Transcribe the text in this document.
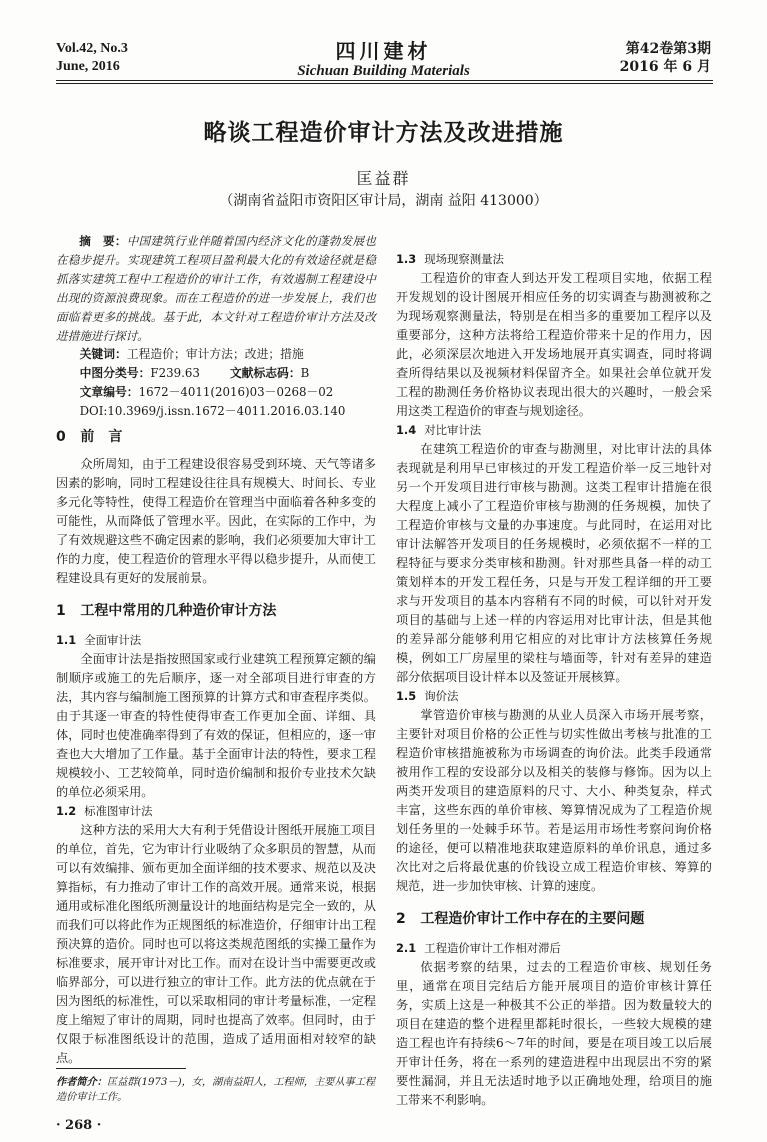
Vol.42, No.3
June, 2016
四川建材
Sichuan Building Materials
第42卷第3期
2016 年 6 月
略谈工程造价审计方法及改进措施
匡益群
（湖南省益阳市资阳区审计局，湖南 益阳 413000）

摘　要：中国建筑行业伴随着国内经济文化的蓬勃发展也在稳步提升。实现建筑工程项目盈利最大化的有效途径就是稳抓落实建筑工程中工程造价的审计工作，有效遏制工程建设中出现的资源浪费现象。而在工程造价的进一步发展上，我们也面临着更多的挑战。基于此，本文针对工程造价审计方法及改进措施进行探讨。

关键词：工程造价；审计方法；改进；措施
中图分类号：F239.63	文献标志码：B
文章编号：1672－4011(2016)03－0268－02
DOI:10.3969/j.issn.1672－4011.2016.03.140
0 前　言

众所周知，由于工程建设很容易受到环境、天气等诸多因素的影响，同时工程建设往往具有规模大、时间长、专业多元化等特性，使得工程造价在管理当中面临着各种多变的可能性，从而降低了管理水平。因此，在实际的工作中，为了有效规避这些不确定因素的影响，我们必须要加大审计工作的力度，使工程造价的管理水平得以稳步提升，从而使工程建设具有更好的发展前景。

1 工程中常用的几种造价审计方法
1.1 全面审计法

全面审计法是指按照国家或行业建筑工程预算定额的编制顺序或施工的先后顺序，逐一对全部项目进行审查的方法，其内容与编制施工图预算的计算方式和审查程序类似。由于其逐一审查的特性使得审查工作更加全面、详细、具体，同时也使准确率得到了有效的保证，但相应的，逐一审查也大大增加了工作量。基于全面审计法的特性，要求工程规模较小、工艺较简单，同时造价编制和报价专业技术欠缺的单位必须采用。

1.2 标准图审计法

这种方法的采用大大有利于凭借设计图纸开展施工项目的单位，首先，它为审计行业吸纳了众多职员的智慧，从而可以有效编排、颁布更加全面详细的技术要求、规范以及决算指标，有力推动了审计工作的高效开展。通常来说，根据通用或标准化图纸所测量设计的地面结构是完全一致的，从而我们可以将此作为正规图纸的标准造价，仔细审计出工程预决算的造价。同时也可以将这类规范图纸的实操工量作为标准要求，展开审计对比工作。而对在设计当中需要更改或临界部分，可以进行独立的审计工作。此方法的优点就在于因为图纸的标准性，可以采取相同的审计考量标准，一定程度上缩短了审计的周期，同时也提高了效率。但同时，由于仅限于标准图纸设计的范围，造成了适用面相对较窄的缺点。

作者简介：匡益群(1973－)，女，湖南益阳人，工程师，主要从事工程造价审计工作。
· 268 ·
1.3 现场现察测量法

工程造价的审查人到达开发工程项目实地，依据工程开发规划的设计图展开相应任务的切实调查与勘测被称之为现场观察测量法，特别是在相当多的重要加工程序以及重要部分，这种方法将给工程造价带来十足的作用力，因此，必须深层次地进入开发场地展开真实调查，同时将调查所得结果以及视频材料保留齐全。如果社会单位就开发工程的勘测任务价格协议表现出很大的兴趣时，一般会采用这类工程造价的审查与规划途径。

1.4 对比审计法

在建筑工程造价的审查与勘测里，对比审计法的具体表现就是利用早已审核过的开发工程造价举一反三地针对另一个开发项目进行审核与勘测。这类工程审计措施在很大程度上减小了工程造价审核与勘测的任务规模，加快了工程造价审核与文量的办事速度。与此同时，在运用对比审计法解答开发项目的任务规模时，必须依据不一样的工程特征与要求分类审核和勘测。针对那些具备一样的动工策划样本的开发工程任务，只是与开发工程详细的开工要求与开发项目的基本内容稍有不同的时候，可以针对开发项目的基础与上述一样的内容运用对比审计法，但是其他的差异部分能够利用它相应的对比审计方法核算任务规模，例如工厂房屋里的梁柱与墙面等，针对有差异的建造部分依据项目设计样本以及签证开展核算。

1.5 询价法

掌管造价审核与勘测的从业人员深入市场开展考察，主要针对项目价格的公正性与切实性做出考核与批准的工程造价审核措施被称为市场调查的询价法。此类手段通常被用作工程的安设部分以及相关的装修与修饰。因为以上两类开发项目的建造原料的尺寸、大小、种类复杂，样式丰富，这些东西的单价审核、筹算情况成为了工程造价规划任务里的一处棘手环节。若是运用市场性考察问询价格的途径，便可以精准地获取建造原料的单价讯息，通过多次比对之后将最优惠的价钱设立成工程造价审核、筹算的规范，进一步加快审核、计算的速度。

2 工程造价审计工作中存在的主要问题
2.1 工程造价审计工作相对滞后

依据考察的结果，过去的工程造价审核、规划任务里，通常在项目完结后方能开展项目的造价审核计算任务，实质上这是一种极其不公正的举措。因为数量较大的项目在建造的整个进程里都耗时很长，一些较大规模的建造工程也许有持续6～7年的时间，要是在项目竣工以后展开审计任务，将在一系列的建造进程中出现层出不穷的紧要性漏洞，并且无法适时地予以正确地处理，给项目的施工带来不利影响。
